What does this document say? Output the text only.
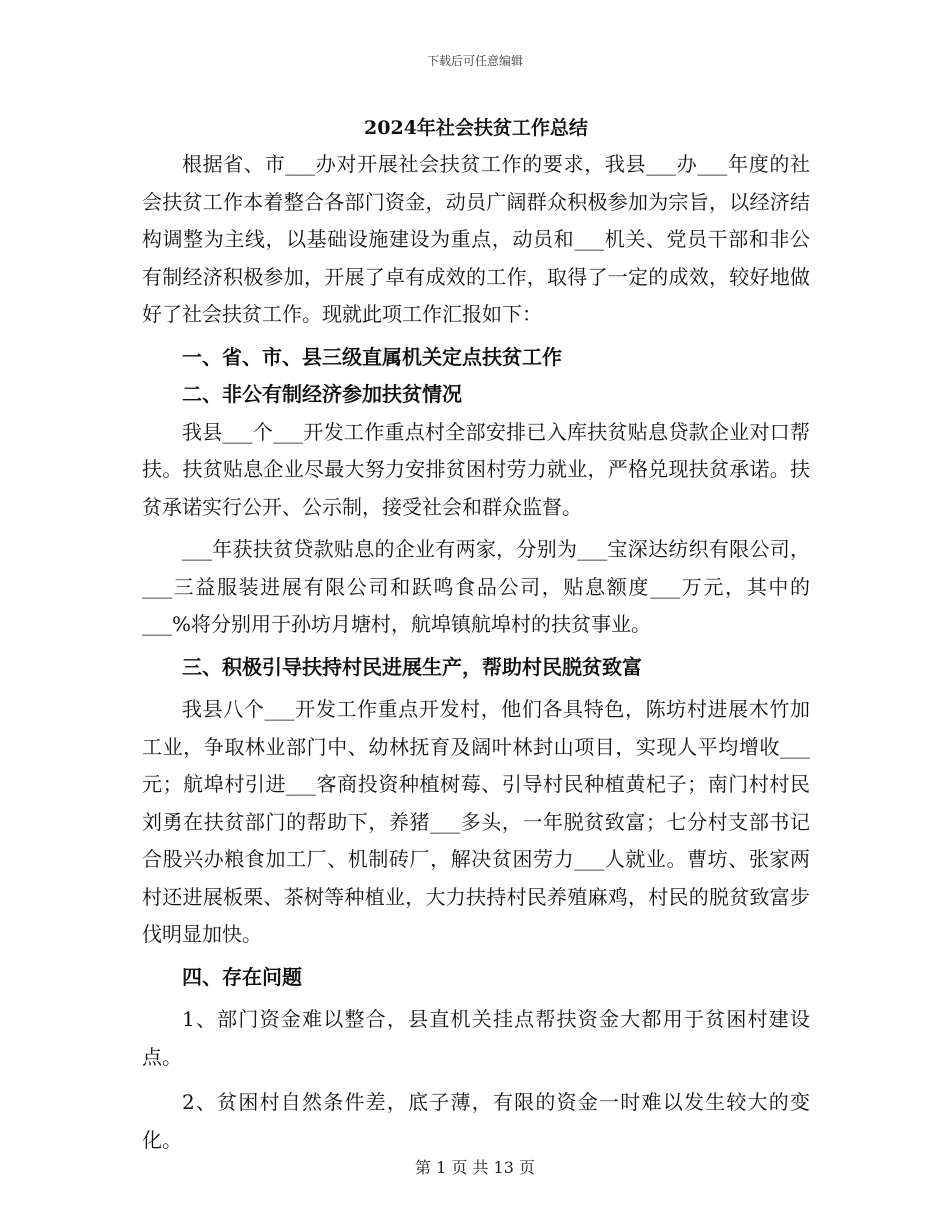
下载后可任意编辑
2024年社会扶贫工作总结

根据省、市___办对开展社会扶贫工作的要求，我县___办___年度的社会扶贫工作本着整合各部门资金，动员广阔群众积极参加为宗旨，以经济结构调整为主线，以基础设施建设为重点，动员和___机关、党员干部和非公有制经济积极参加，开展了卓有成效的工作，取得了一定的成效，较好地做好了社会扶贫工作。现就此项工作汇报如下：

一、省、市、县三级直属机关定点扶贫工作

二、非公有制经济参加扶贫情况

我县___个___开发工作重点村全部安排已入库扶贫贴息贷款企业对口帮扶。扶贫贴息企业尽最大努力安排贫困村劳力就业，严格兑现扶贫承诺。扶贫承诺实行公开、公示制，接受社会和群众监督。

___年获扶贫贷款贴息的企业有两家，分别为___宝深达纺织有限公司，___三益服装进展有限公司和跃鸣食品公司，贴息额度___万元，其中的___%将分别用于孙坊月塘村，航埠镇航埠村的扶贫事业。

三、积极引导扶持村民进展生产，帮助村民脱贫致富

我县八个___开发工作重点开发村，他们各具特色，陈坊村进展木竹加工业，争取林业部门中、幼林抚育及阔叶林封山项目，实现人平均增收___元；航埠村引进___客商投资种植树莓、引导村民种植黄杞子；南门村村民刘勇在扶贫部门的帮助下，养猪___多头，一年脱贫致富；七分村支部书记合股兴办粮食加工厂、机制砖厂，解决贫困劳力___人就业。曹坊、张家两村还进展板栗、茶树等种植业，大力扶持村民养殖麻鸡，村民的脱贫致富步伐明显加快。

四、存在问题

1、部门资金难以整合，县直机关挂点帮扶资金大都用于贫困村建设点。

2、贫困村自然条件差，底子薄，有限的资金一时难以发生较大的变化。

第 1 页 共 13 页
